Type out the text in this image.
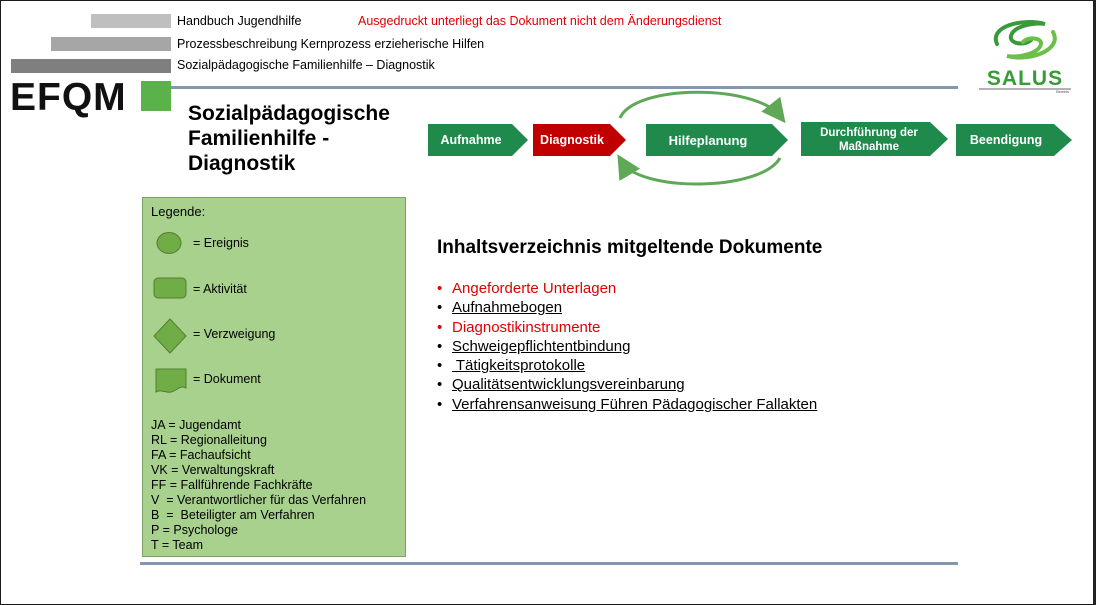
Handbuch Jugendhilfe
Prozessbeschreibung Kernprozess erzieherische Hilfen
Sozialpädagogische Familienhilfe – Diagnostik
Ausgedruckt unterliegt das Dokument nicht dem Änderungsdienst
EFQM	SALUS
Beweis
Sozialpädagogische
Familienhilfe -
Diagnostik
Aufnahme	Diagnostik	Hilfeplanung	Durchführung der
Maßnahme	Beendigung
Legende:
= Ereignis
= Aktivität
= Verzweigung
= Dokument
JA = Jugendamt
RL = Regionalleitung
FA = Fachaufsicht
VK = Verwaltungskraft
FF = Fallführende Fachkräfte
V  = Verantwortlicher für das Verfahren
B  =  Beteiligter am Verfahren
P = Psychologe
T = Team
Inhaltsverzeichnis mitgeltende Dokumente
• Angeforderte Unterlagen
• Aufnahmebogen
• Diagnostikinstrumente
• Schweigepflichtentbindung
• Tätigkeitsprotokolle
• Qualitätsentwicklungsvereinbarung
• Verfahrensanweisung Führen Pädagogischer Fallakten
